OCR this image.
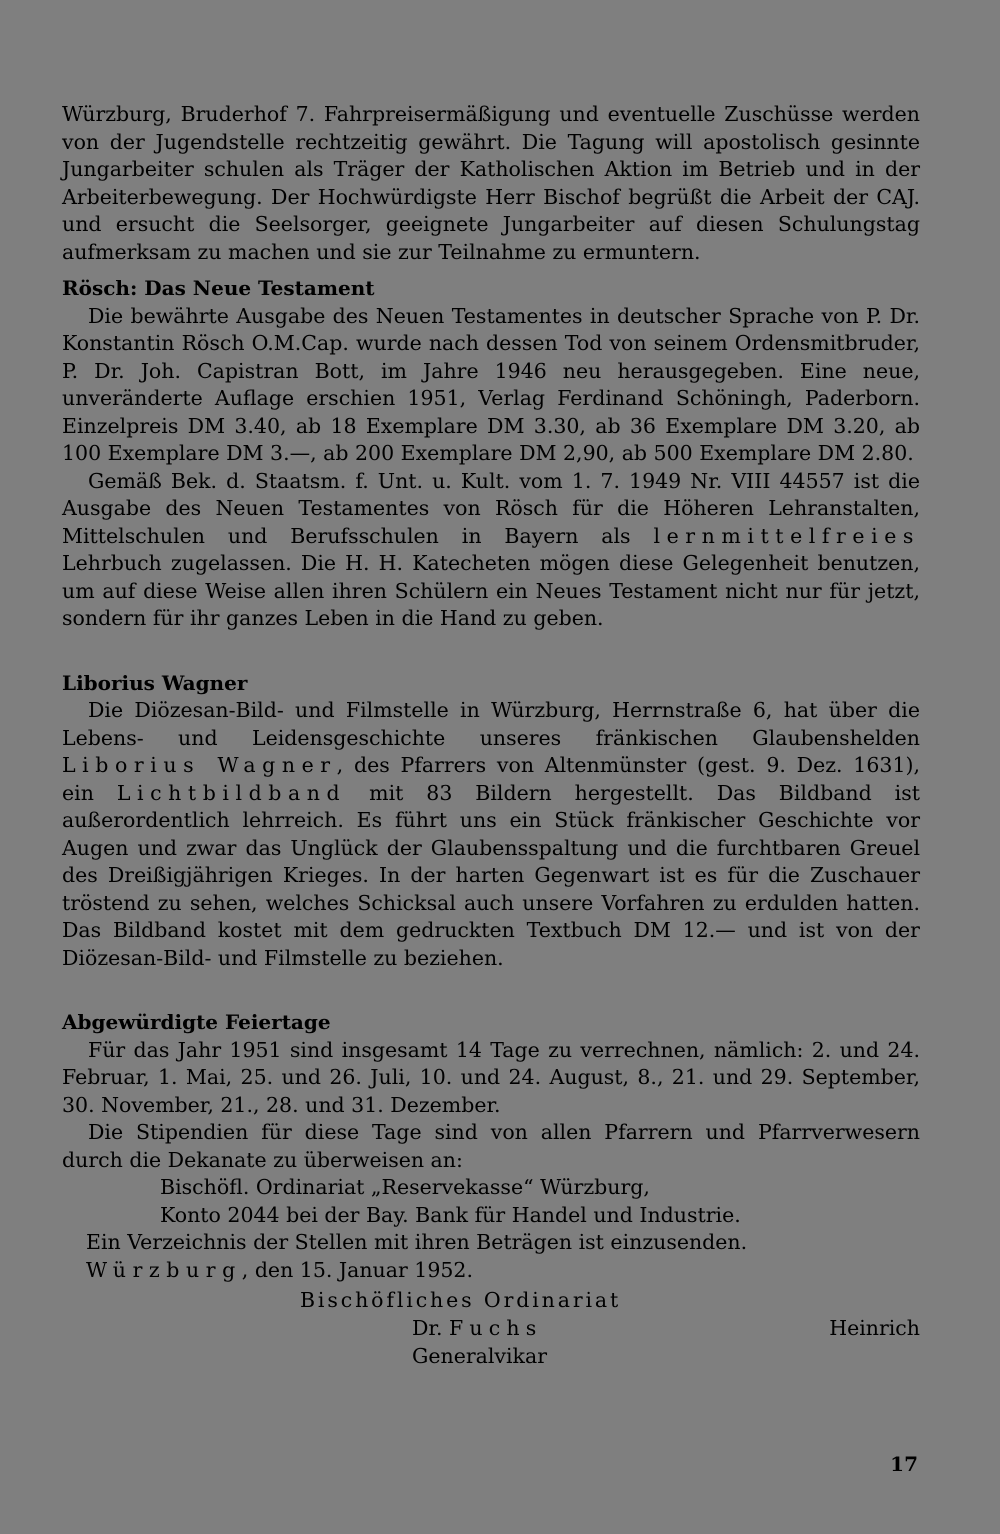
Würzburg, Bruderhof 7. Fahrpreisermäßigung und eventuelle Zuschüsse werden von der Jugendstelle rechtzeitig gewährt. Die Tagung will apostolisch gesinnte Jungarbeiter schulen als Träger der Katholischen Aktion im Betrieb und in der Arbeiterbewegung. Der Hochwürdigste Herr Bischof begrüßt die Arbeit der CAJ. und ersucht die Seelsorger, geeignete Jungarbeiter auf diesen Schulungstag aufmerksam zu machen und sie zur Teilnahme zu ermuntern.

Rösch: Das Neue Testament

Die bewährte Ausgabe des Neuen Testamentes in deutscher Sprache von P. Dr. Konstantin Rösch O.M.Cap. wurde nach dessen Tod von seinem Ordensmitbruder, P. Dr. Joh. Capistran Bott, im Jahre 1946 neu herausgegeben. Eine neue, unveränderte Auflage erschien 1951, Verlag Ferdinand Schöningh, Paderborn. Einzelpreis DM 3.40, ab 18 Exemplare DM 3.30, ab 36 Exemplare DM 3.20, ab 100 Exemplare DM 3.—, ab 200 Exemplare DM 2,90, ab 500 Exemplare DM 2.80.

Gemäß Bek. d. Staatsm. f. Unt. u. Kult. vom 1. 7. 1949 Nr. VIII 44557 ist die Ausgabe des Neuen Testamentes von Rösch für die Höheren Lehranstalten, Mittelschulen und Berufsschulen in Bayern als lernmittelfreies Lehrbuch zugelassen. Die H. H. Katecheten mögen diese Gelegenheit benutzen, um auf diese Weise allen ihren Schülern ein Neues Testament nicht nur für jetzt, sondern für ihr ganzes Leben in die Hand zu geben.

Liborius Wagner

Die Diözesan-Bild- und Filmstelle in Würzburg, Herrnstraße 6, hat über die Lebens- und Leidensgeschichte unseres fränkischen Glaubenshelden Liborius Wagner, des Pfarrers von Altenmünster (gest. 9. Dez. 1631), ein Lichtbildband mit 83 Bildern hergestellt. Das Bildband ist außerordentlich lehrreich. Es führt uns ein Stück fränkischer Geschichte vor Augen und zwar das Unglück der Glaubensspaltung und die furchtbaren Greuel des Dreißigjährigen Krieges. In der harten Gegenwart ist es für die Zuschauer tröstend zu sehen, welches Schicksal auch unsere Vorfahren zu erdulden hatten. Das Bildband kostet mit dem gedruckten Textbuch DM 12.— und ist von der Diözesan-Bild- und Filmstelle zu beziehen.

Abgewürdigte Feiertage

Für das Jahr 1951 sind insgesamt 14 Tage zu verrechnen, nämlich: 2. und 24. Februar, 1. Mai, 25. und 26. Juli, 10. und 24. August, 8., 21. und 29. September, 30. November, 21., 28. und 31. Dezember.

Die Stipendien für diese Tage sind von allen Pfarrern und Pfarrverwesern durch die Dekanate zu überweisen an:

Bischöfl. Ordinariat „Reservekasse“ Würzburg,

Konto 2044 bei der Bay. Bank für Handel und Industrie.

Ein Verzeichnis der Stellen mit ihren Beträgen ist einzusenden.

Würzburg, den 15. Januar 1952.

Bischöfliches Ordinariat

Dr. Fuchs	Heinrich

Generalvikar

17
